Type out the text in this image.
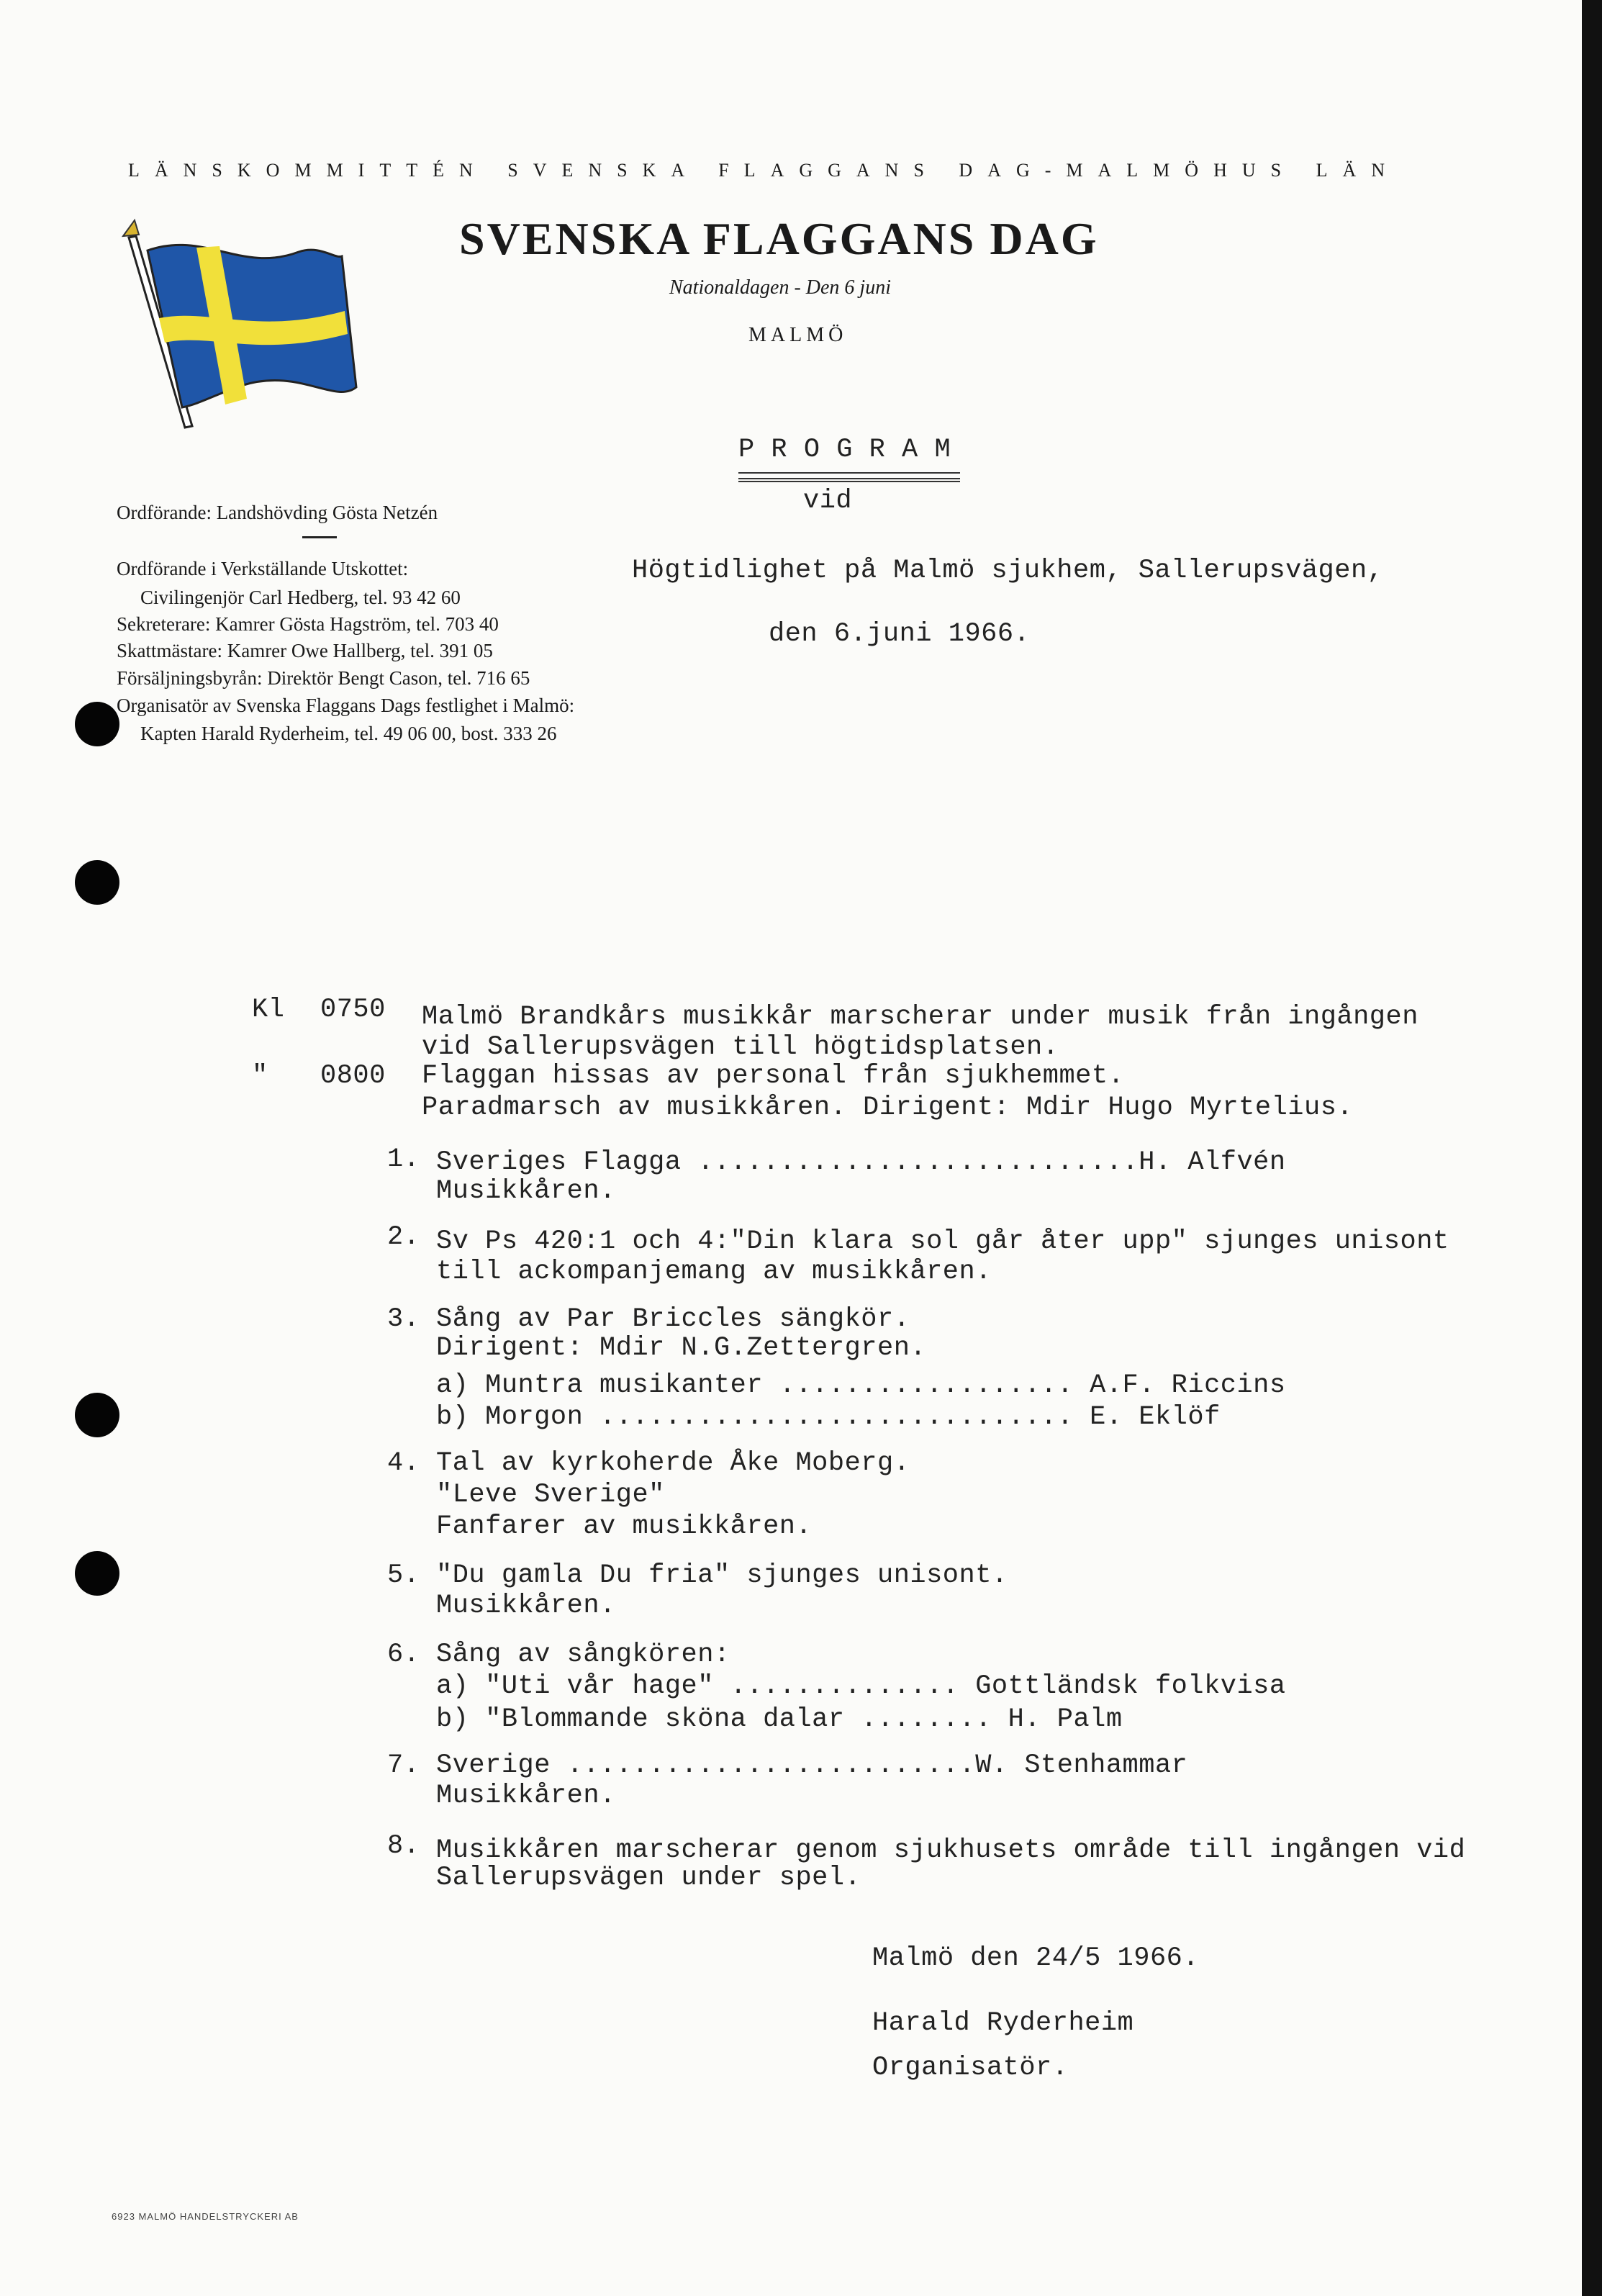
LÄNSKOMMITTÉN SVENSKA FLAGGANS DAG-MALMÖHUS LÄN
SVENSKA FLAGGANS DAG
Nationaldagen - Den 6 juni
MALMÖ
Ordförande: Landshövding Gösta Netzén
Ordförande i Verkställande Utskottet:
Civilingenjör Carl Hedberg, tel. 93 42 60
Sekreterare: Kamrer Gösta Hagström, tel. 703 40
Skattmästare: Kamrer Owe Hallberg, tel. 391 05
Försäljningsbyrån: Direktör Bengt Cason, tel. 716 65
Organisatör av Svenska Flaggans Dags festlighet i Malmö:
Kapten Harald Ryderheim, tel. 49 06 00, bost. 333 26
P R O G R A M
vid
Högtidlighet på Malmö sjukhem, Sallerupsvägen,
den 6.juni 1966.
Kl 0750 Malmö Brandkårs musikkår marscherar under musik från ingången
vid Sallerupsvägen till högtidsplatsen.
" 0800 Flaggan hissas av personal från sjukhemmet.
Paradmarsch av musikkåren. Dirigent: Mdir Hugo Myrtelius.
1. Sveriges Flagga ...........................H. Alfvén
Musikkåren.
2. Sv Ps 420:1 och 4:"Din klara sol går åter upp" sjunges unisont
till ackompanjemang av musikkåren.
3. Sång av Par Briccles sängkör.
Dirigent: Mdir N.G.Zettergren.
a) Muntra musikanter .................. A.F. Riccins
b) Morgon ............................. E. Eklöf
4. Tal av kyrkoherde Åke Moberg.
"Leve Sverige"
Fanfarer av musikkåren.
5. "Du gamla Du fria" sjunges unisont.
Musikkåren.
6. Sång av sångkören:
a) "Uti vår hage" .............. Gottländsk folkvisa
b) "Blommande sköna dalar ........ H. Palm
7. Sverige .........................W. Stenhammar
Musikkåren.
8. Musikkåren marscherar genom sjukhusets område till ingången vid
Sallerupsvägen under spel.
Malmö den 24/5 1966.
Harald Ryderheim
Organisatör.
6923 MALMÖ HANDELSTRYCKERI AB
